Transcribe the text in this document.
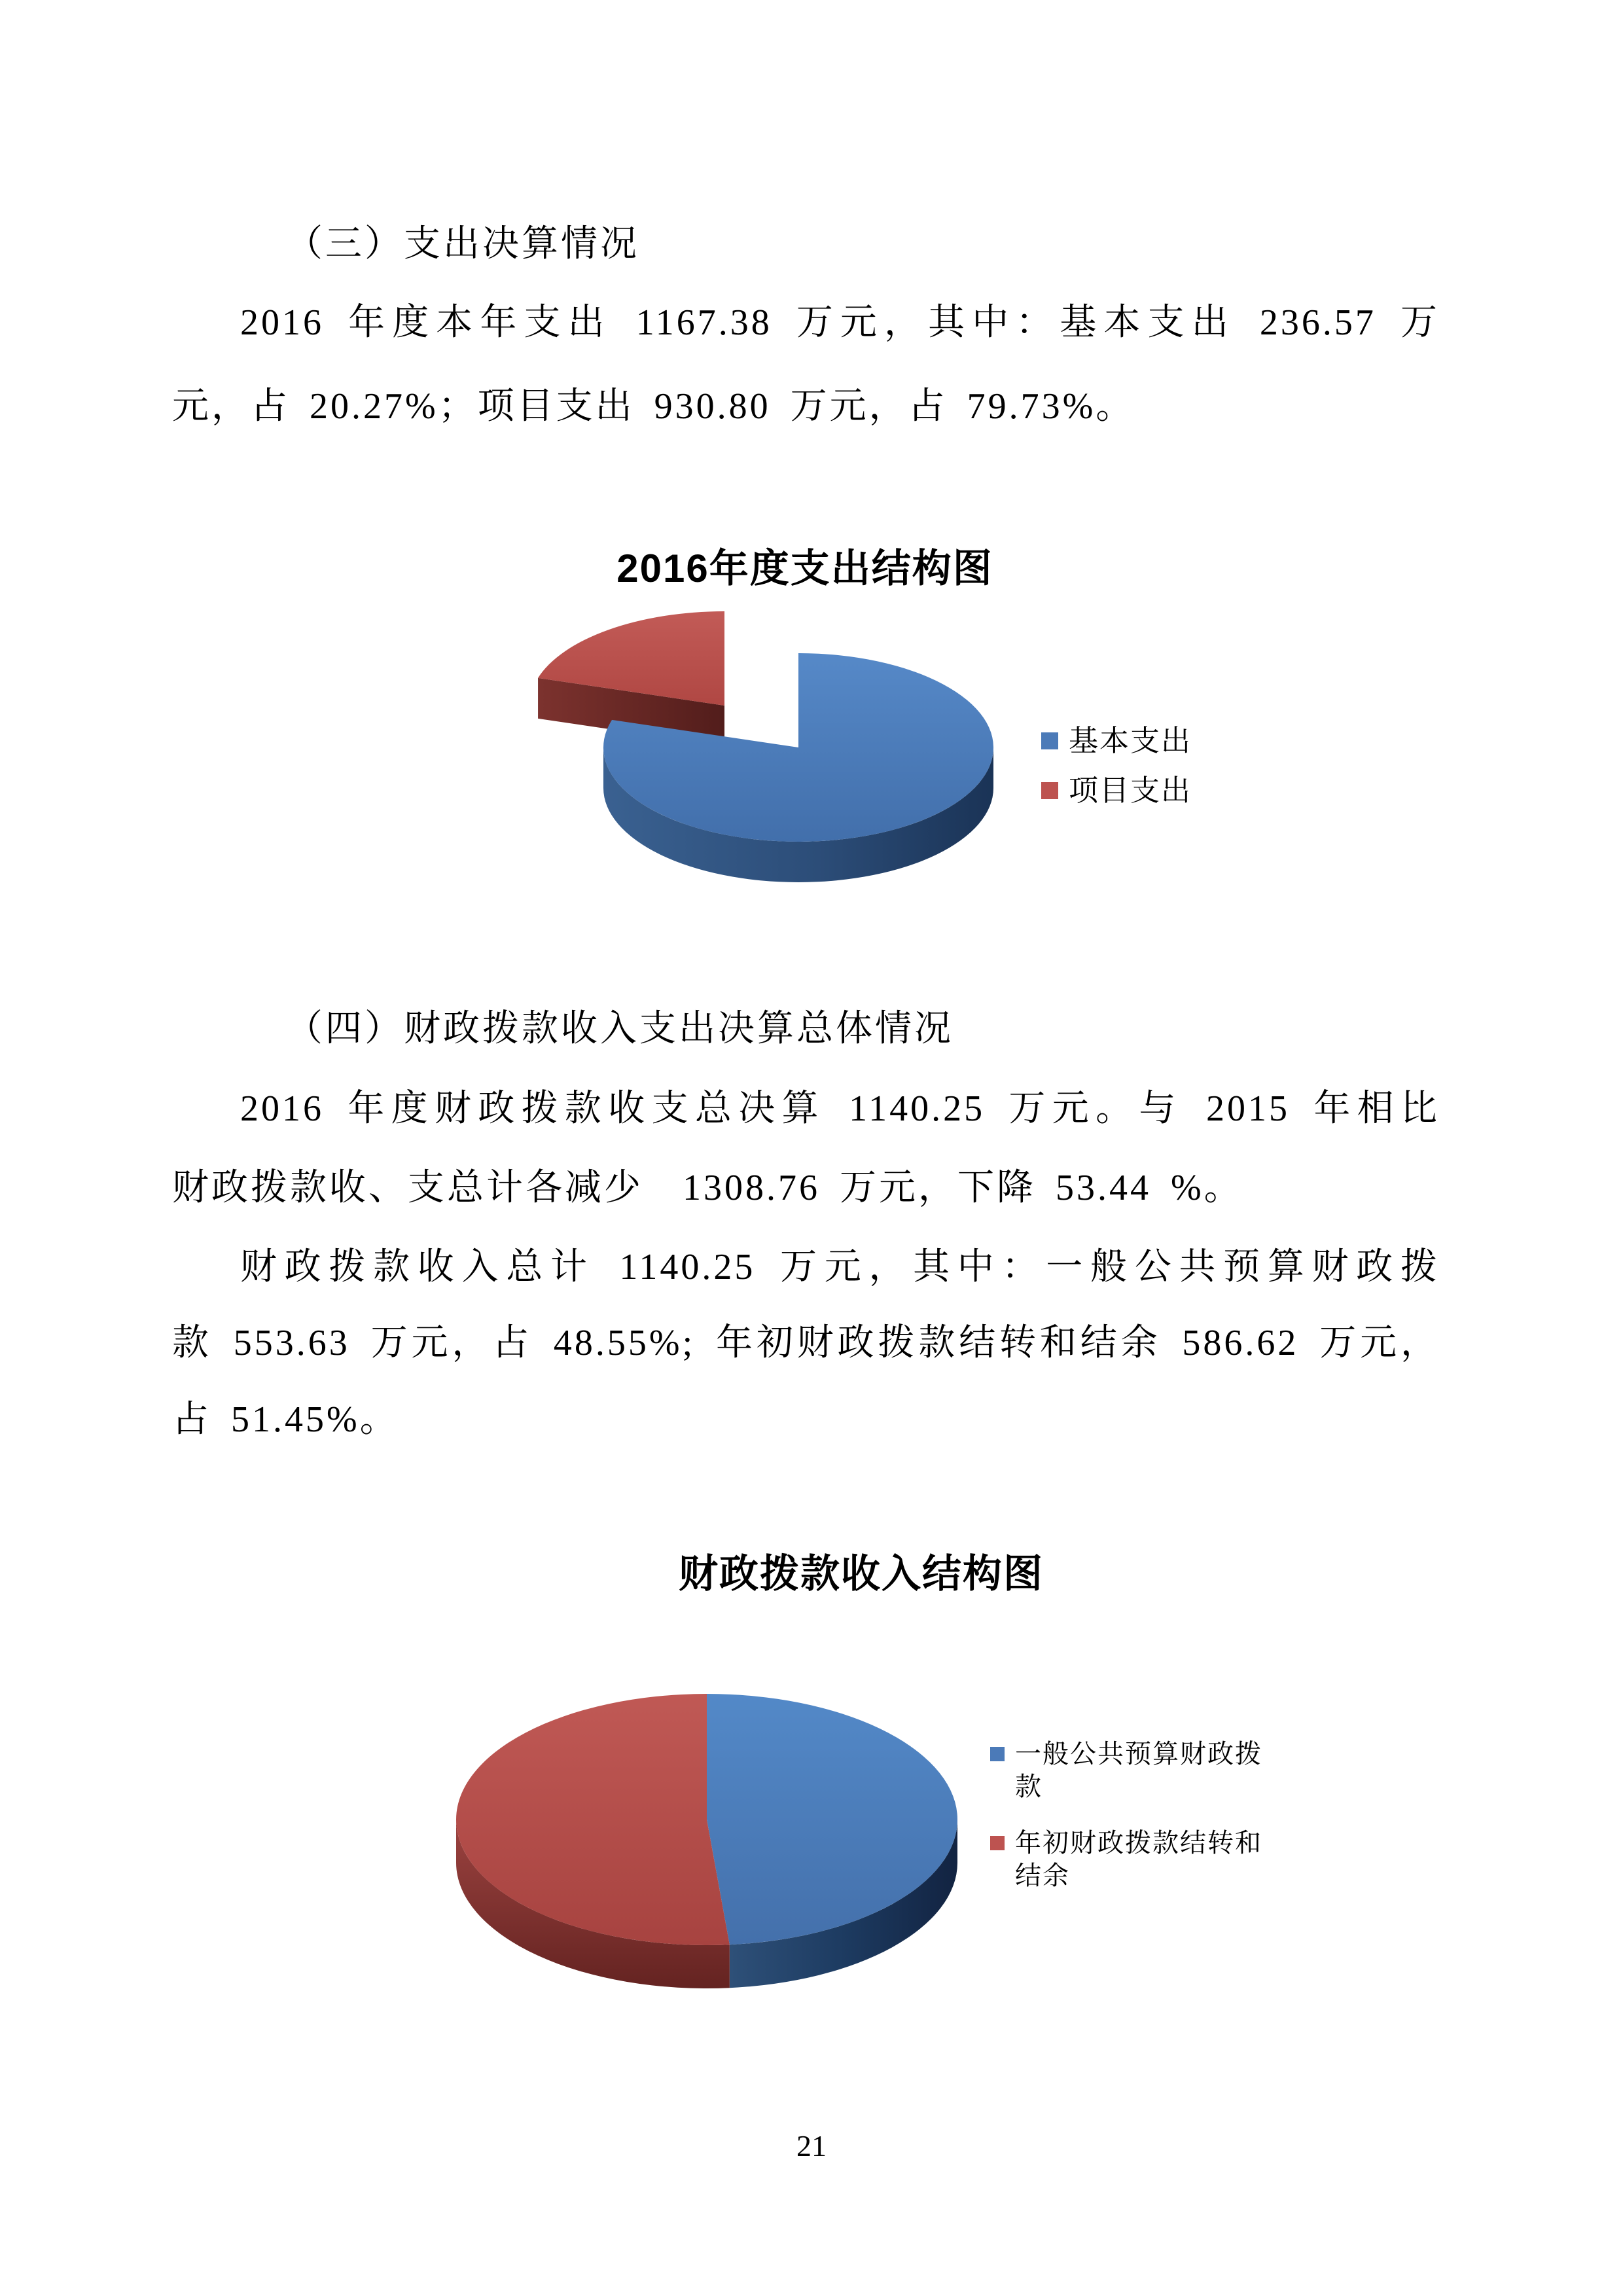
（三）支出决算情况
2016 年度本年支出 1167.38 万元，其中：基本支出 236.57 万
元，占 20.27%；项目支出 930.80 万元，占 79.73%。
2016年度支出结构图
基本支出
项目支出
（四）财政拨款收入支出决算总体情况
2016 年度财政拨款收支总决算 1140.25 万元。与 2015 年相比
财政拨款收、支总计各减少  1308.76 万元，下降 53.44 %。
财政拨款收入总计 1140.25 万元，其中：一般公共预算财政拨
款 553.63 万元，占 48.55%; 年初财政拨款结转和结余 586.62 万元，
占 51.45%。
财政拨款收入结构图
一般公共预算财政拨
款
年初财政拨款结转和
结余
21
